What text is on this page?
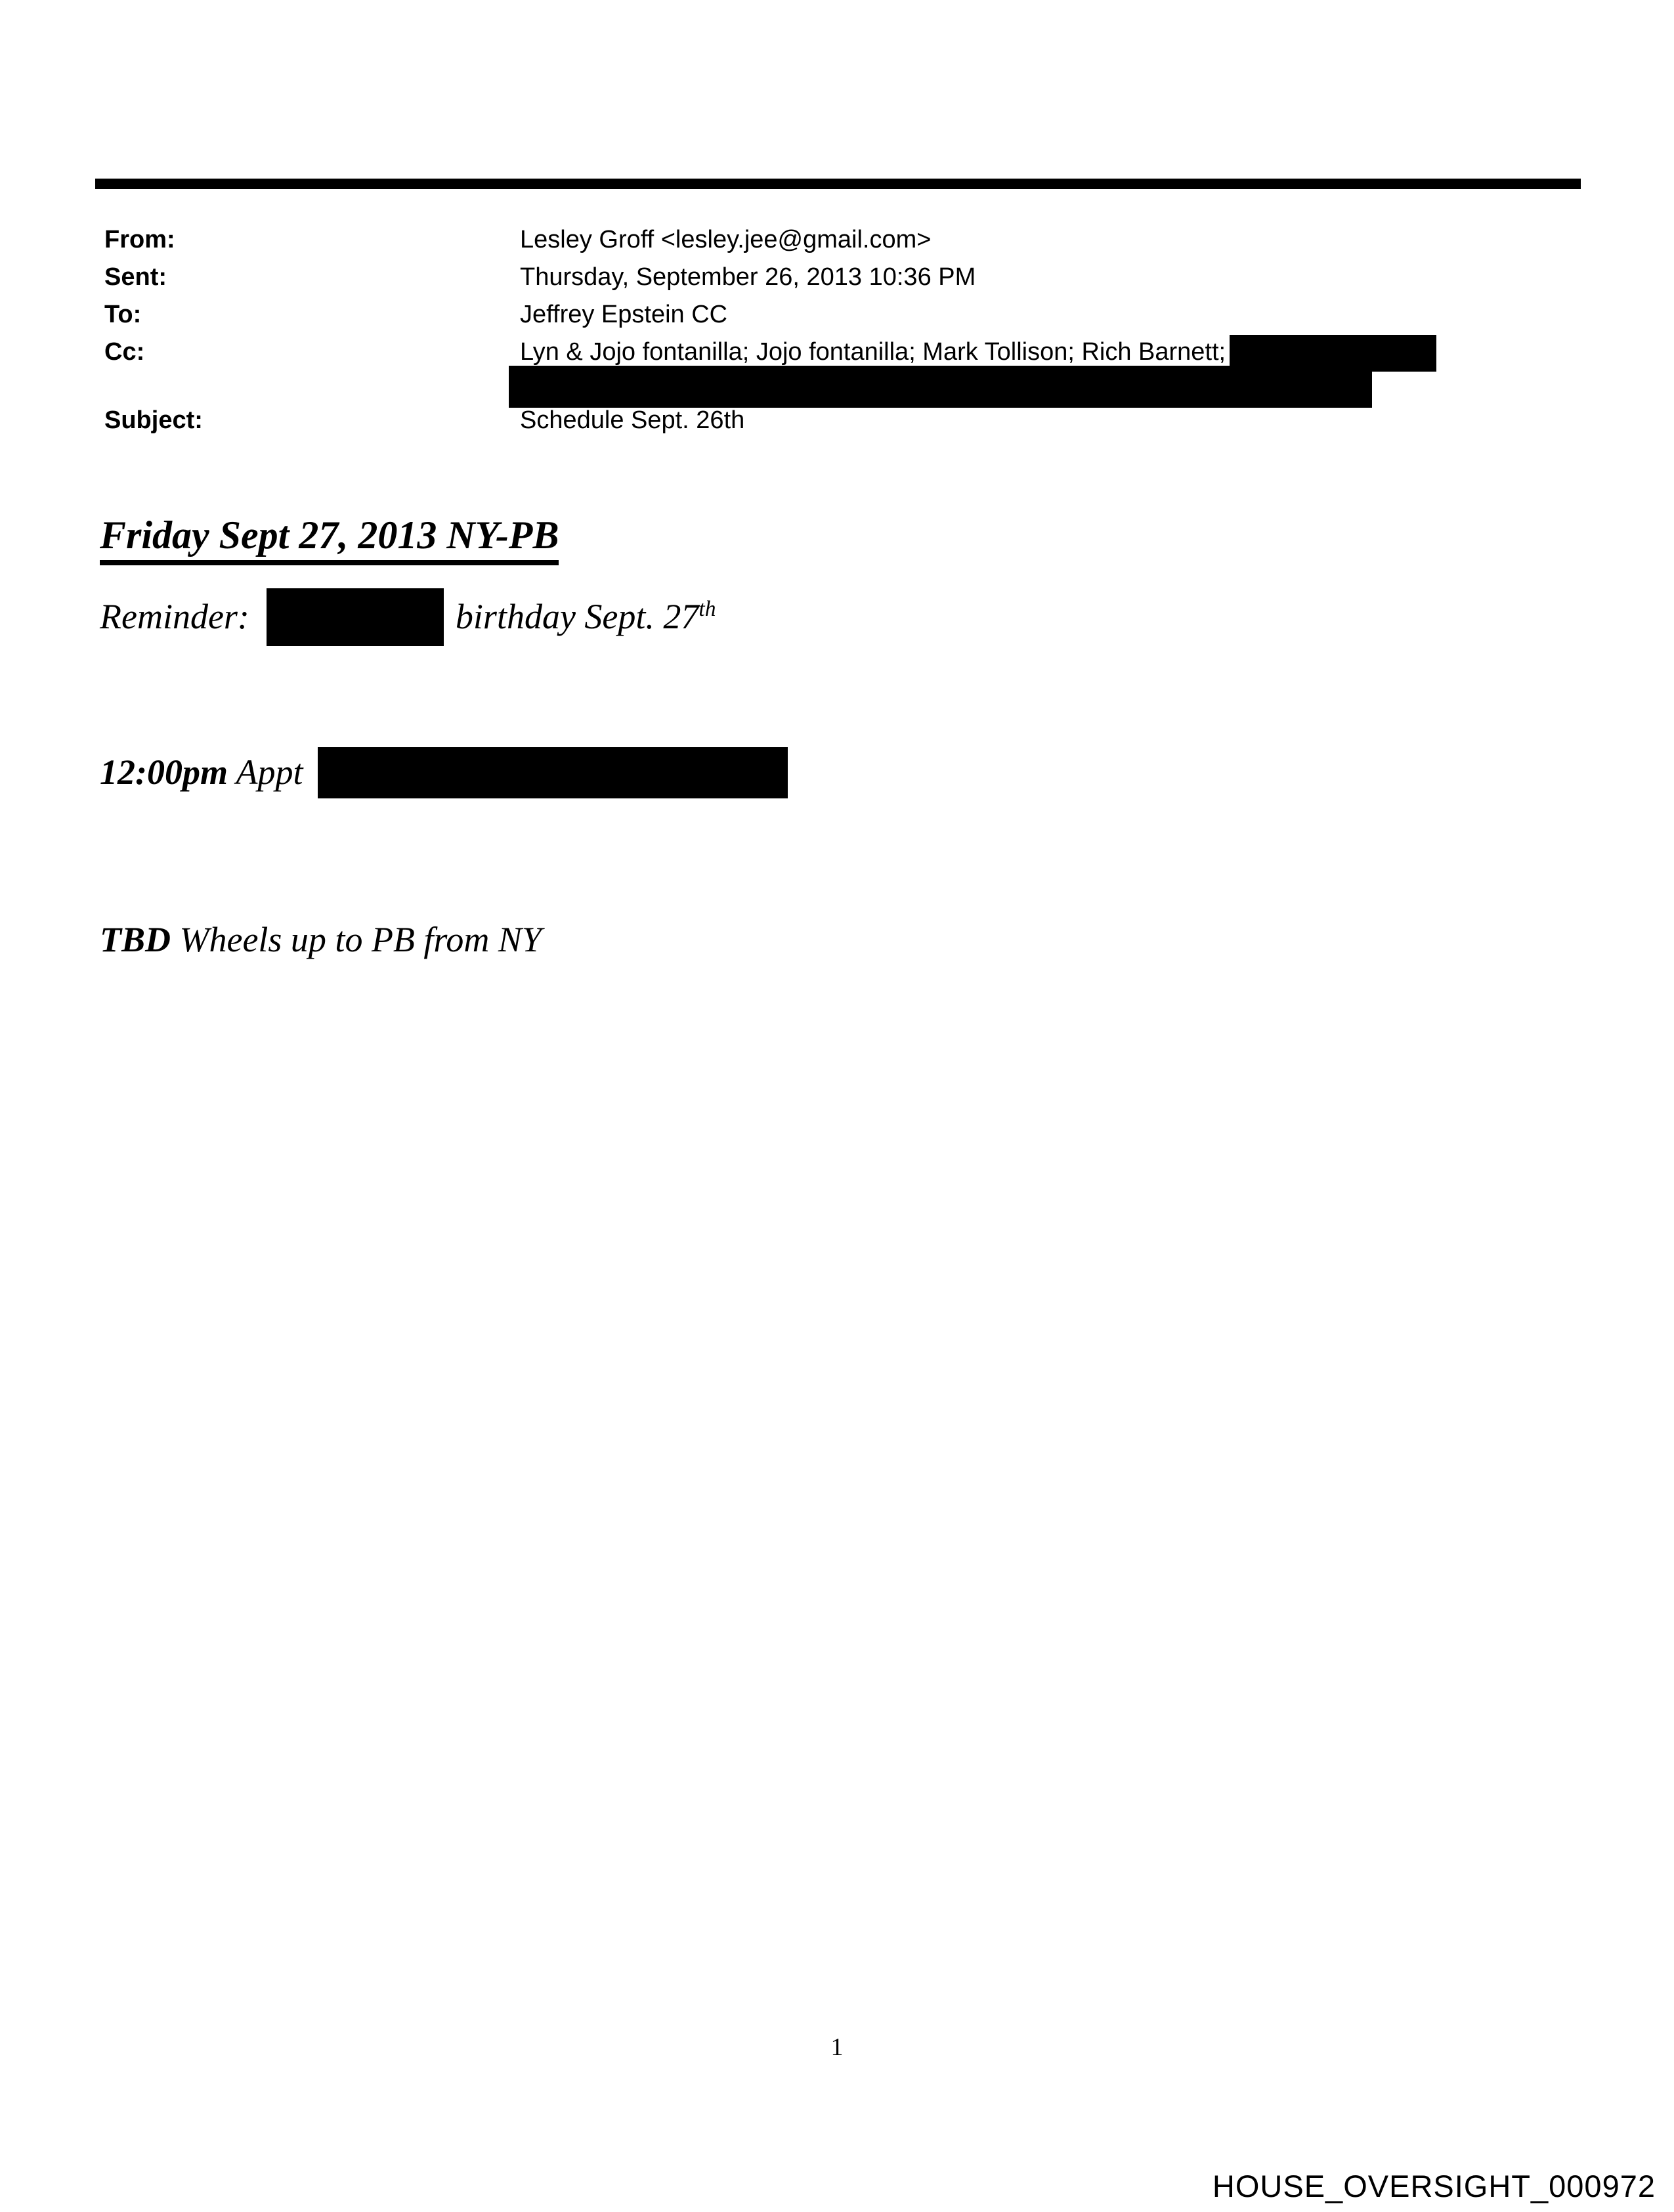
From:	Lesley Groff <lesley.jee@gmail.com>
Sent:	Thursday, September 26, 2013 10:36 PM
To:	Jeffrey Epstein CC
Cc:	Lyn & Jojo fontanilla; Jojo fontanilla; Mark Tollison; Rich Barnett;
Subject:	Schedule Sept. 26th
Friday Sept 27, 2013 NY-PB
Reminder:	birthday Sept. 27th
12:00pm Appt
TBD Wheels up to PB from NY
1
HOUSE_OVERSIGHT_000972
